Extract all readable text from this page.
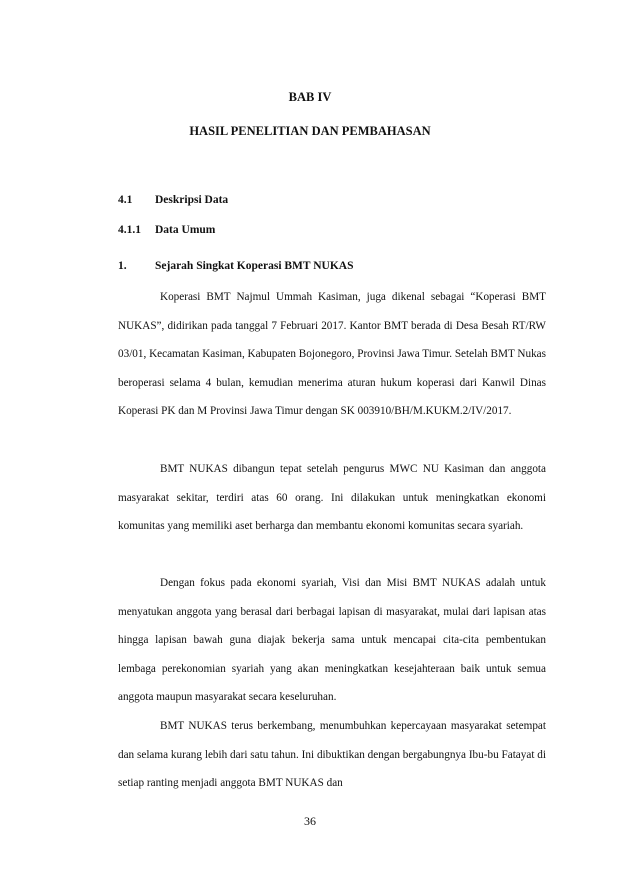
BAB IV
HASIL PENELITIAN DAN PEMBAHASAN
4.1 Deskripsi Data
4.1.1 Data Umum
1. Sejarah Singkat Koperasi BMT NUKAS

Koperasi BMT Najmul Ummah Kasiman, juga dikenal sebagai “Koperasi BMT NUKAS”, didirikan pada tanggal 7 Februari 2017. Kantor BMT berada di Desa Besah RT/RW 03/01, Kecamatan Kasiman, Kabupaten Bojonegoro, Provinsi Jawa Timur. Setelah BMT Nukas beroperasi selama 4 bulan, kemudian menerima aturan hukum koperasi dari Kanwil Dinas Koperasi PK dan M Provinsi Jawa Timur dengan SK 003910/BH/M.KUKM.2/IV/2017.

BMT NUKAS dibangun tepat setelah pengurus MWC NU Kasiman dan anggota masyarakat sekitar, terdiri atas 60 orang. Ini dilakukan untuk meningkatkan ekonomi komunitas yang memiliki aset berharga dan membantu ekonomi komunitas secara syariah.

Dengan fokus pada ekonomi syariah, Visi dan Misi BMT NUKAS adalah untuk menyatukan anggota yang berasal dari berbagai lapisan di masyarakat, mulai dari lapisan atas hingga lapisan bawah guna diajak bekerja sama untuk mencapai cita-cita pembentukan lembaga perekonomian syariah yang akan meningkatkan kesejahteraan baik untuk semua anggota maupun masyarakat secara keseluruhan.

BMT NUKAS terus berkembang, menumbuhkan kepercayaan masyarakat setempat dan selama kurang lebih dari satu tahun. Ini dibuktikan dengan bergabungnya Ibu-bu Fatayat di setiap ranting menjadi anggota BMT NUKAS dan

36
